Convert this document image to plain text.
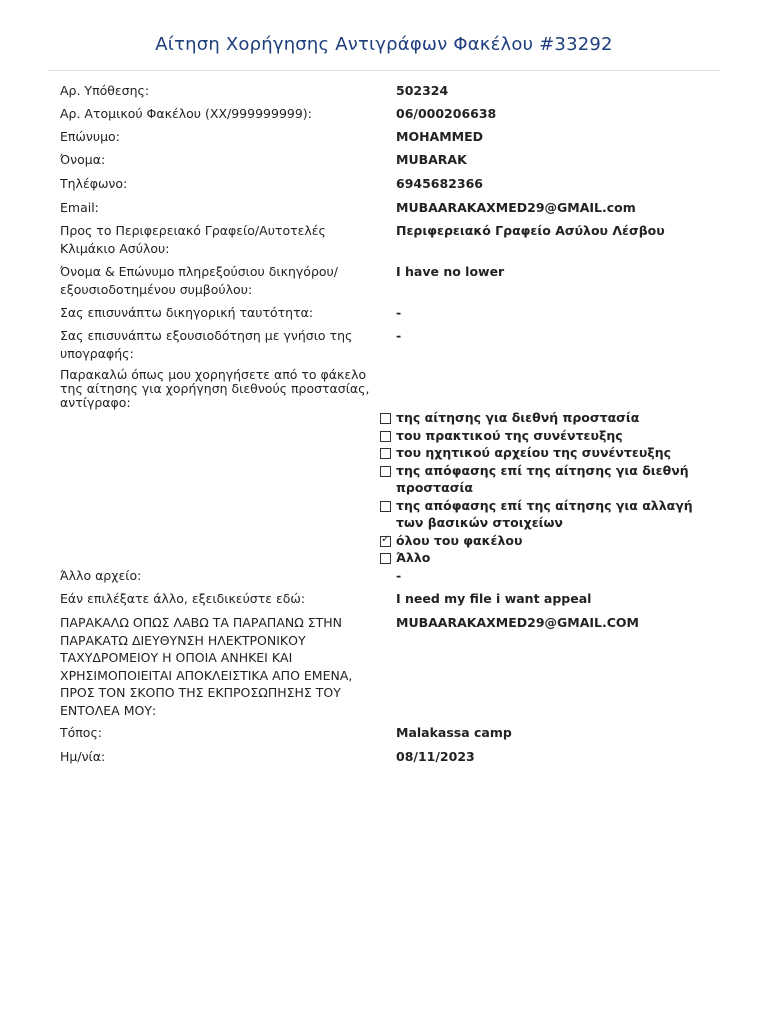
Αίτηση Χορήγησης Αντιγράφων Φακέλου #33292
Αρ. Υπόθεσης:	502324
Αρ. Ατομικού Φακέλου (ΧΧ/999999999):	06/000206638
Επώνυμο:	MOHAMMED
Όνομα:	MUBARAK
Τηλέφωνο:	6945682366
Email:	MUBAARAKAXMED29@GMAIL.com
Προς το Περιφερειακό Γραφείο/Αυτοτελές Κλιμάκιο Ασύλου:
Περιφερειακό Γραφείο Ασύλου Λέσβου
Όνομα & Επώνυμο πληρεξούσιου δικηγόρου/εξουσιοδοτημένου συμβούλου:
I have no lower
Σας επισυνάπτω δικηγορική ταυτότητα:	-
Σας επισυνάπτω εξουσιοδότηση με γνήσιο της υπογραφής:
-
Παρακαλώ όπως μου χορηγήσετε από το φάκελο της αίτησης για χορήγηση διεθνούς προστασίας, αντίγραφο:
της αίτησης για διεθνή προστασία
του πρακτικού της συνέντευξης
του ηχητικού αρχείου της συνέντευξης
της απόφασης επί της αίτησης για διεθνή προστασία
της απόφασης επί της αίτησης για αλλαγή των βασικών στοιχείων
✓
όλου του φακέλου
Άλλο
Άλλο αρχείο:	-
Εάν επιλέξατε άλλο, εξειδικεύστε εδώ:	I need my file i want appeal
ΠΑΡΑΚΑΛΩ ΟΠΩΣ ΛΑΒΩ ΤΑ ΠΑΡΑΠΑΝΩ ΣΤΗΝ ΠΑΡΑΚΑΤΩ ΔΙΕΥΘΥΝΣΗ ΗΛΕΚΤΡΟΝΙΚΟΥ ΤΑΧΥΔΡΟΜΕΙΟΥ Η ΟΠΟΙΑ ΑΝΗΚΕΙ ΚΑΙ ΧΡΗΣΙΜΟΠΟΙΕΙΤΑΙ ΑΠΟΚΛΕΙΣΤΙΚΑ ΑΠΟ ΕΜΕΝΑ, ΠΡΟΣ ΤΟΝ ΣΚΟΠΟ ΤΗΣ ΕΚΠΡΟΣΩΠΗΣΗΣ ΤΟΥ ΕΝΤΟΛΕΑ ΜΟΥ:
MUBAARAKAXMED29@GMAIL.COM
Τόπος:	Malakassa camp
Ημ/νία:	08/11/2023
